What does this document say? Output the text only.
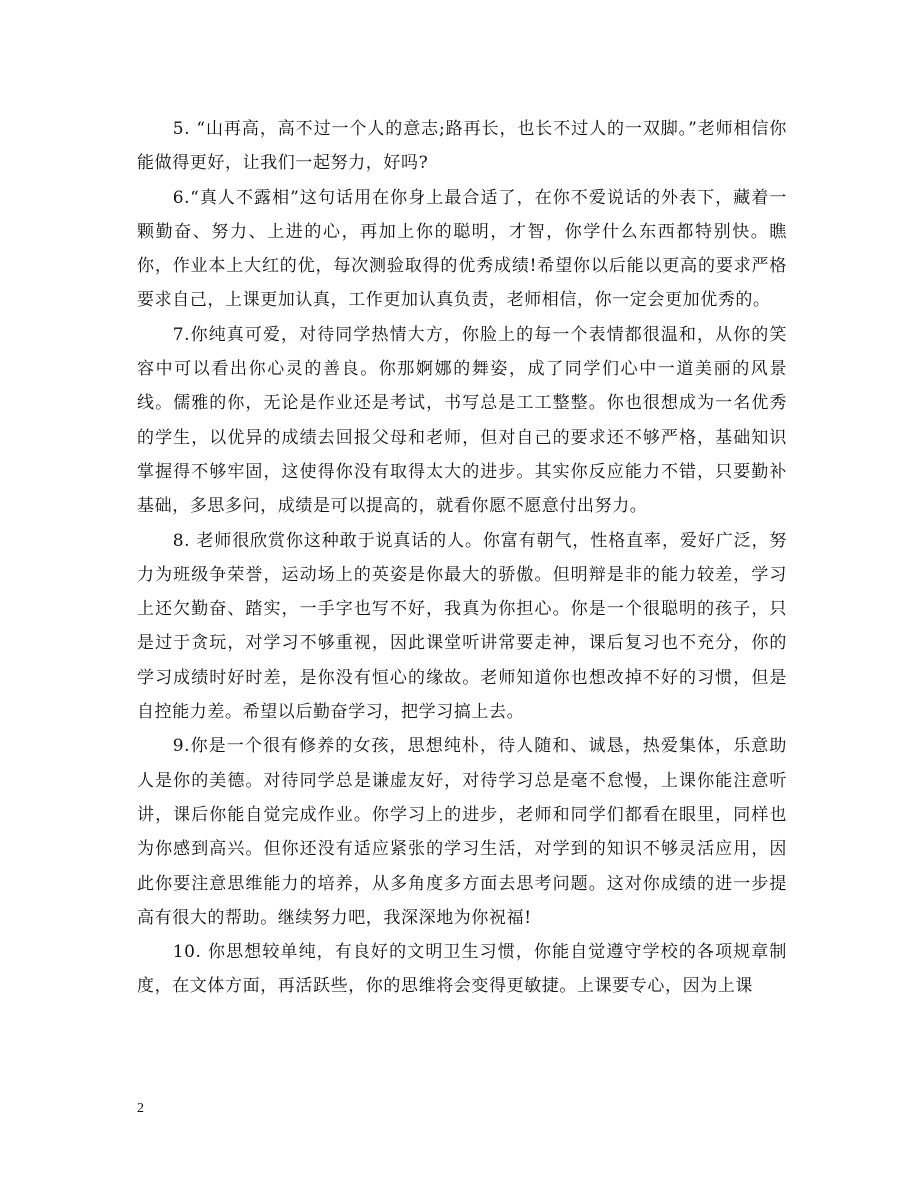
5. “山再高，高不过一个人的意志;路再长，也长不过人的一双脚。”老师相信你能做得更好，让我们一起努力，好吗?

6.“真人不露相”这句话用在你身上最合适了，在你不爱说话的外表下，藏着一颗勤奋、努力、上进的心，再加上你的聪明，才智，你学什么东西都特别快。瞧你，作业本上大红的优，每次测验取得的优秀成绩!希望你以后能以更高的要求严格要求自己，上课更加认真，工作更加认真负责，老师相信，你一定会更加优秀的。

7.你纯真可爱，对待同学热情大方，你脸上的每一个表情都很温和，从你的笑容中可以看出你心灵的善良。你那婀娜的舞姿，成了同学们心中一道美丽的风景线。儒雅的你，无论是作业还是考试，书写总是工工整整。你也很想成为一名优秀的学生，以优异的成绩去回报父母和老师，但对自己的要求还不够严格，基础知识掌握得不够牢固，这使得你没有取得太大的进步。其实你反应能力不错，只要勤补基础，多思多问，成绩是可以提高的，就看你愿不愿意付出努力。

8. 老师很欣赏你这种敢于说真话的人。你富有朝气，性格直率，爱好广泛，努力为班级争荣誉，运动场上的英姿是你最大的骄傲。但明辩是非的能力较差，学习上还欠勤奋、踏实，一手字也写不好，我真为你担心。你是一个很聪明的孩子，只是过于贪玩，对学习不够重视，因此课堂听讲常要走神，课后复习也不充分，你的学习成绩时好时差，是你没有恒心的缘故。老师知道你也想改掉不好的习惯，但是自控能力差。希望以后勤奋学习，把学习搞上去。

9.你是一个很有修养的女孩，思想纯朴，待人随和、诚恳，热爱集体，乐意助人是你的美德。对待同学总是谦虚友好，对待学习总是毫不怠慢，上课你能注意听讲，课后你能自觉完成作业。你学习上的进步，老师和同学们都看在眼里，同样也为你感到高兴。但你还没有适应紧张的学习生活，对学到的知识不够灵活应用，因此你要注意思维能力的培养，从多角度多方面去思考问题。这对你成绩的进一步提高有很大的帮助。继续努力吧，我深深地为你祝福!

10. 你思想较单纯，有良好的文明卫生习惯，你能自觉遵守学校的各项规章制度，在文体方面，再活跃些，你的思维将会变得更敏捷。上课要专心，因为上课

2
